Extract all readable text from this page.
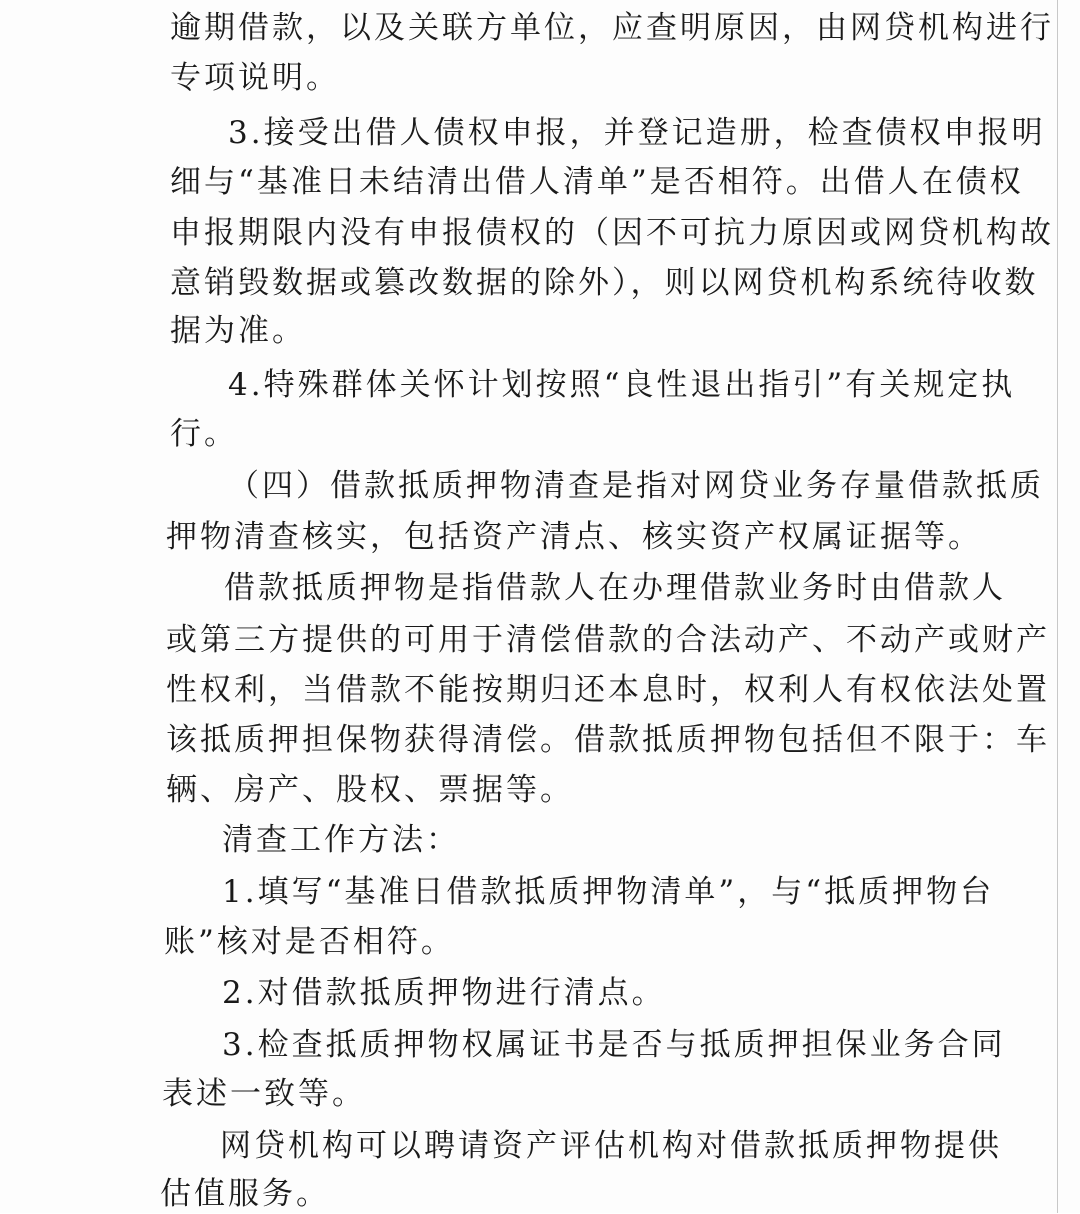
逾期借款，以及关联方单位，应查明原因，由网贷机构进行
专项说明。
3.接受出借人债权申报，并登记造册，检查债权申报明
细与“基准日未结清出借人清单”是否相符。出借人在债权
申报期限内没有申报债权的（因不可抗力原因或网贷机构故
意销毁数据或篡改数据的除外），则以网贷机构系统待收数
据为准。
4.特殊群体关怀计划按照“良性退出指引”有关规定执
行。
（四）借款抵质押物清查是指对网贷业务存量借款抵质
押物清查核实，包括资产清点、核实资产权属证据等。
借款抵质押物是指借款人在办理借款业务时由借款人
或第三方提供的可用于清偿借款的合法动产、不动产或财产
性权利，当借款不能按期归还本息时，权利人有权依法处置
该抵质押担保物获得清偿。借款抵质押物包括但不限于：车
辆、房产、股权、票据等。
清查工作方法：
1.填写“基准日借款抵质押物清单”，与“抵质押物台
账”核对是否相符。
2.对借款抵质押物进行清点。
3.检查抵质押物权属证书是否与抵质押担保业务合同
表述一致等。
网贷机构可以聘请资产评估机构对借款抵质押物提供
估值服务。
